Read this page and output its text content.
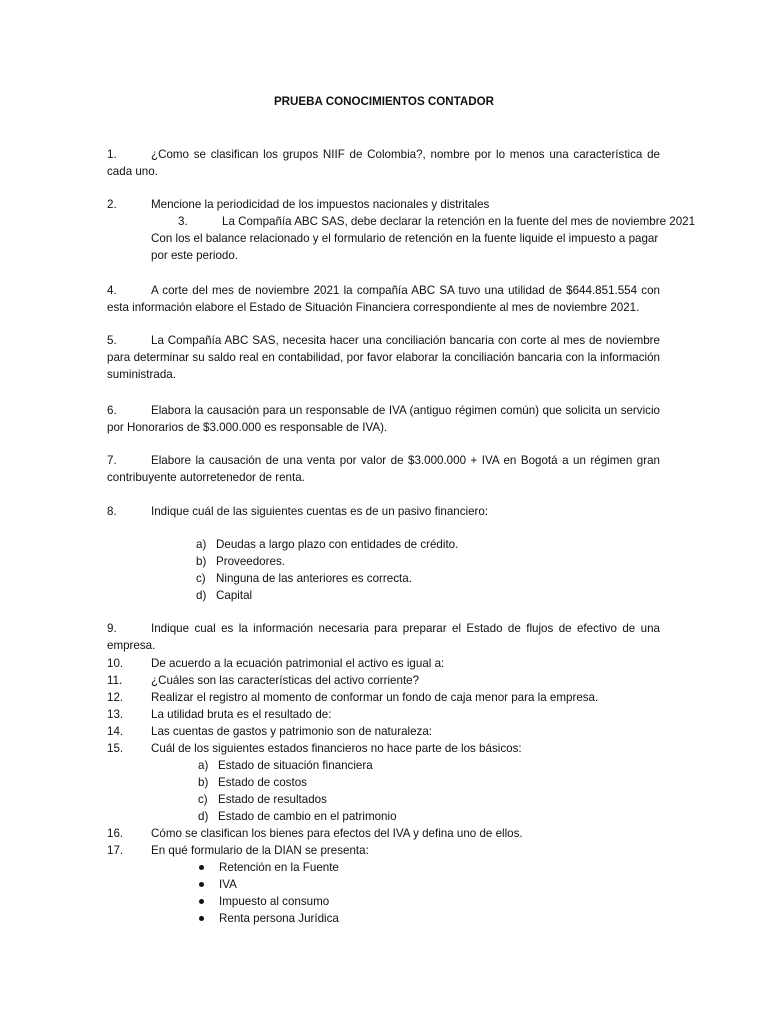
PRUEBA CONOCIMIENTOS CONTADOR
1.	¿Como se clasifican los grupos NIIF de Colombia?, nombre por lo menos una característica de cada uno.
2.	Mencione la periodicidad de los impuestos nacionales y distritales
3.	La Compañía ABC SAS, debe declarar la retención en la fuente del mes de noviembre 2021
Con los el balance relacionado y el formulario de retención en la fuente liquide el impuesto a pagar
por este periodo.
4.	A corte del mes de noviembre 2021 la compañía ABC SA tuvo una utilidad de $644.851.554 con esta información elabore el Estado de Situación Financiera correspondiente al mes de noviembre 2021.
5.	La Compañía ABC SAS, necesita hacer una conciliación bancaria con corte al mes de noviembre para determinar su saldo real en contabilidad, por favor elaborar la conciliación bancaria con la información suministrada.
6.	Elabora la causación para un responsable de IVA (antiguo régimen común) que solicita un servicio por Honorarios de $3.000.000 es responsable de IVA).
7.	Elabore la causación de una venta por valor de $3.000.000 + IVA en Bogotá a un régimen gran contribuyente autorretenedor de renta.
8.	Indique cuál de las siguientes cuentas es de un pasivo financiero:
a) Deudas a largo plazo con entidades de crédito.
b) Proveedores.
c) Ninguna de las anteriores es correcta.
d) Capital
9.	Indique cual es la información necesaria para preparar el Estado de flujos de efectivo de una empresa.
10. De acuerdo a la ecuación patrimonial el activo es igual a:
11. ¿Cuáles son las características del activo corriente?
12. Realizar el registro al momento de conformar un fondo de caja menor para la empresa.
13. La utilidad bruta es el resultado de:
14. Las cuentas de gastos y patrimonio son de naturaleza:
15. Cuál de los siguientes estados financieros no hace parte de los básicos:
a) Estado de situación financiera
b) Estado de costos
c) Estado de resultados
d) Estado de cambio en el patrimonio
16. Cómo se clasifican los bienes para efectos del IVA y defina uno de ellos.
17. En qué formulario de la DIAN se presenta:
Retención en la Fuente
IVA
Impuesto al consumo
Renta persona Jurídica
